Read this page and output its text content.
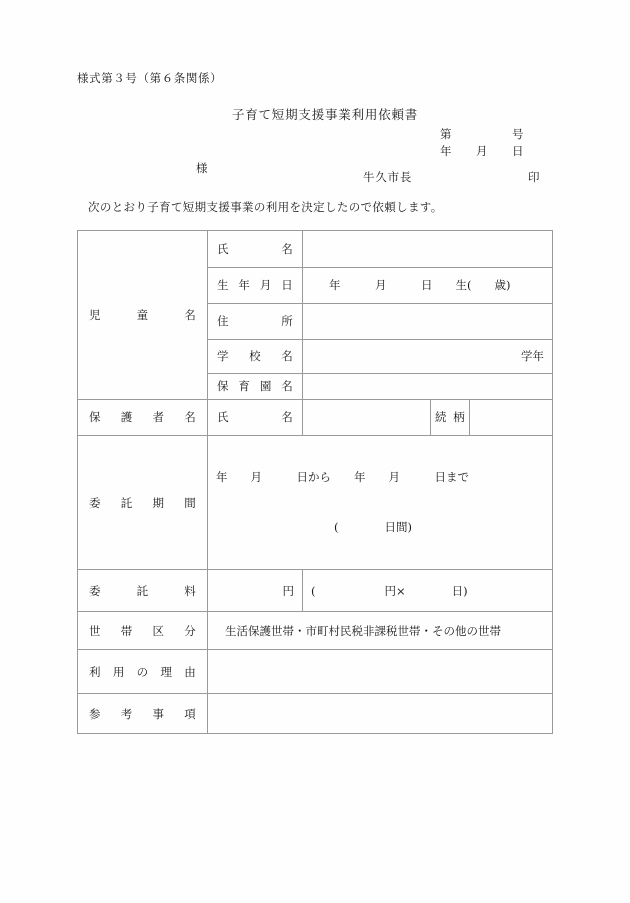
様式第３号（第６条関係）
子育て短期支援事業利用依頼書
第　　　　　号
年　　月　　日
様
牛久市長	印
次のとおり子育て短期支援事業の利用を決定したので依頼します。
児童名	氏名			

	生年月日	年　　　月　　　日　　生(　　歳)		

	住所			

	学校名	学年		

	保育園名			

保護者名	氏名		続柄	

委託期間	年　　月　　　日から　　年　　月　　　日まで

(　　　　日間)			

委託料	円	(　　　　　　円×　　　　日)		

世帯区分	生活保護世帯・市町村民税非課税世帯・その他の世帯			

利用の理由				

参考事項				
